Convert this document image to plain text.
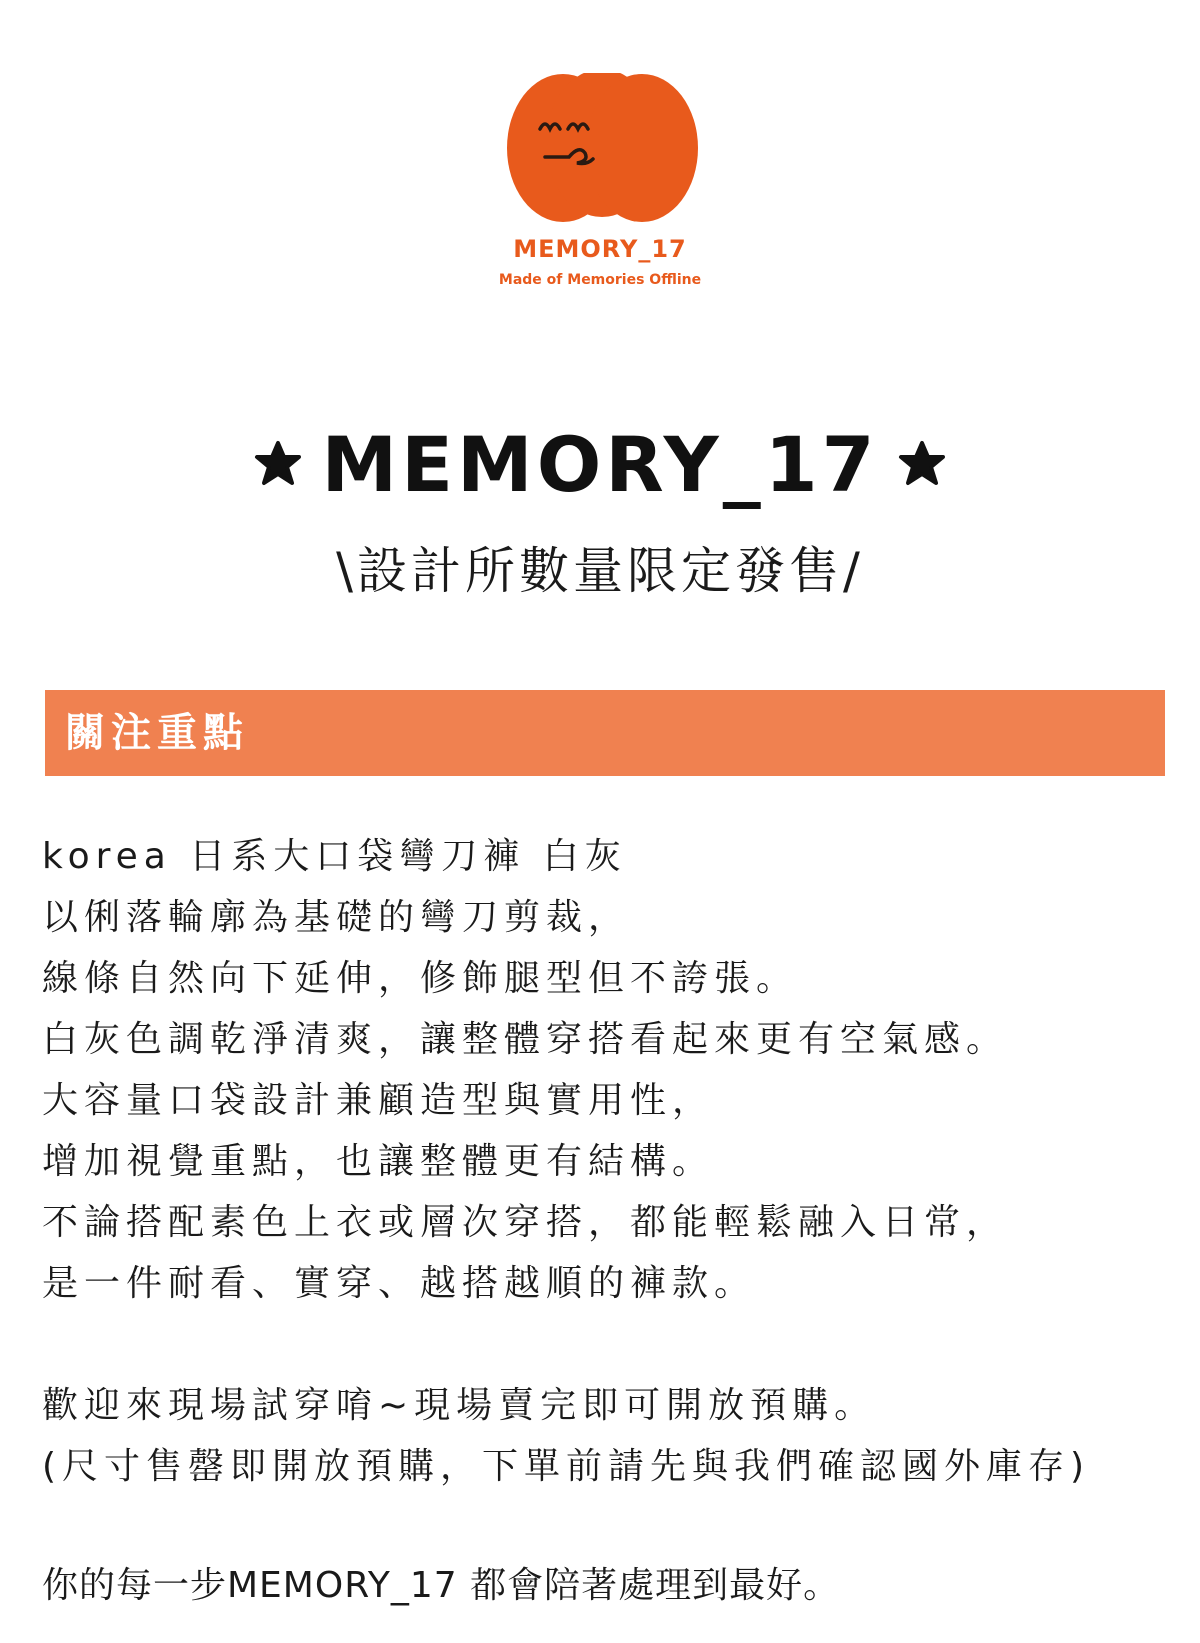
MEMORY_17
Made of Memories Offline
MEMORY_17
\設計所數量限定發售/
關注重點
korea 日系大口袋彎刀褲 白灰
以俐落輪廓為基礎的彎刀剪裁，
線條自然向下延伸，修飾腿型但不誇張。
白灰色調乾淨清爽，讓整體穿搭看起來更有空氣感。
大容量口袋設計兼顧造型與實用性，
增加視覺重點，也讓整體更有結構。
不論搭配素色上衣或層次穿搭，都能輕鬆融入日常，
是一件耐看、實穿、越搭越順的褲款。
歡迎來現場試穿唷~現場賣完即可開放預購。
(尺寸售罄即開放預購，下單前請先與我們確認國外庫存)
你的每一步MEMORY_17 都會陪著處理到最好。
